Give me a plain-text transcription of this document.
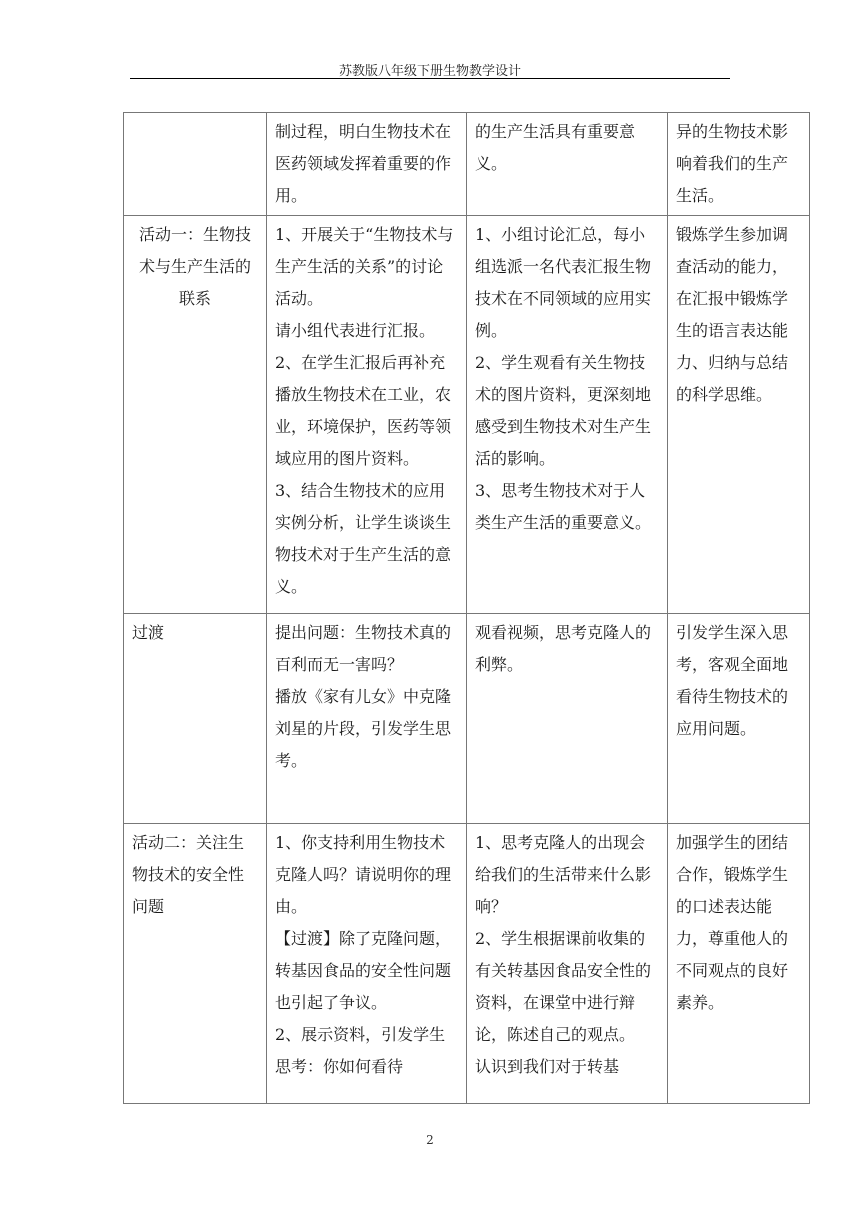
苏教版八年级下册生物教学设计

	制过程，明白生物技术在医药领域发挥着重要的作用。	的生产生活具有重要意义。	异的生物技术影响着我们的生产生活。

活动一：生物技术与生产生活的联系	1、开展关于“生物技术与生产生活的关系”的讨论活动。
请小组代表进行汇报。
2、在学生汇报后再补充播放生物技术在工业，农业，环境保护，医药等领域应用的图片资料。
3、结合生物技术的应用实例分析，让学生谈谈生物技术对于生产生活的意义。	1、小组讨论汇总，每小组选派一名代表汇报生物技术在不同领域的应用实例。
2、学生观看有关生物技术的图片资料，更深刻地感受到生物技术对生产生活的影响。
3、思考生物技术对于人类生产生活的重要意义。	锻炼学生参加调查活动的能力，在汇报中锻炼学生的语言表达能力、归纳与总结的科学思维。

过渡	提出问题：生物技术真的百利而无一害吗？
播放《家有儿女》中克隆刘星的片段，引发学生思考。	观看视频，思考克隆人的利弊。	引发学生深入思考，客观全面地看待生物技术的应用问题。

活动二：关注生物技术的安全性问题	1、你支持利用生物技术克隆人吗？请说明你的理由。
【过渡】除了克隆问题，转基因食品的安全性问题也引起了争议。
2、展示资料，引发学生思考：你如何看待	1、思考克隆人的出现会给我们的生活带来什么影响？
2、学生根据课前收集的有关转基因食品安全性的资料，在课堂中进行辩论，陈述自己的观点。
认识到我们对于转基	加强学生的团结合作，锻炼学生的口述表达能力，尊重他人的不同观点的良好素养。
2
